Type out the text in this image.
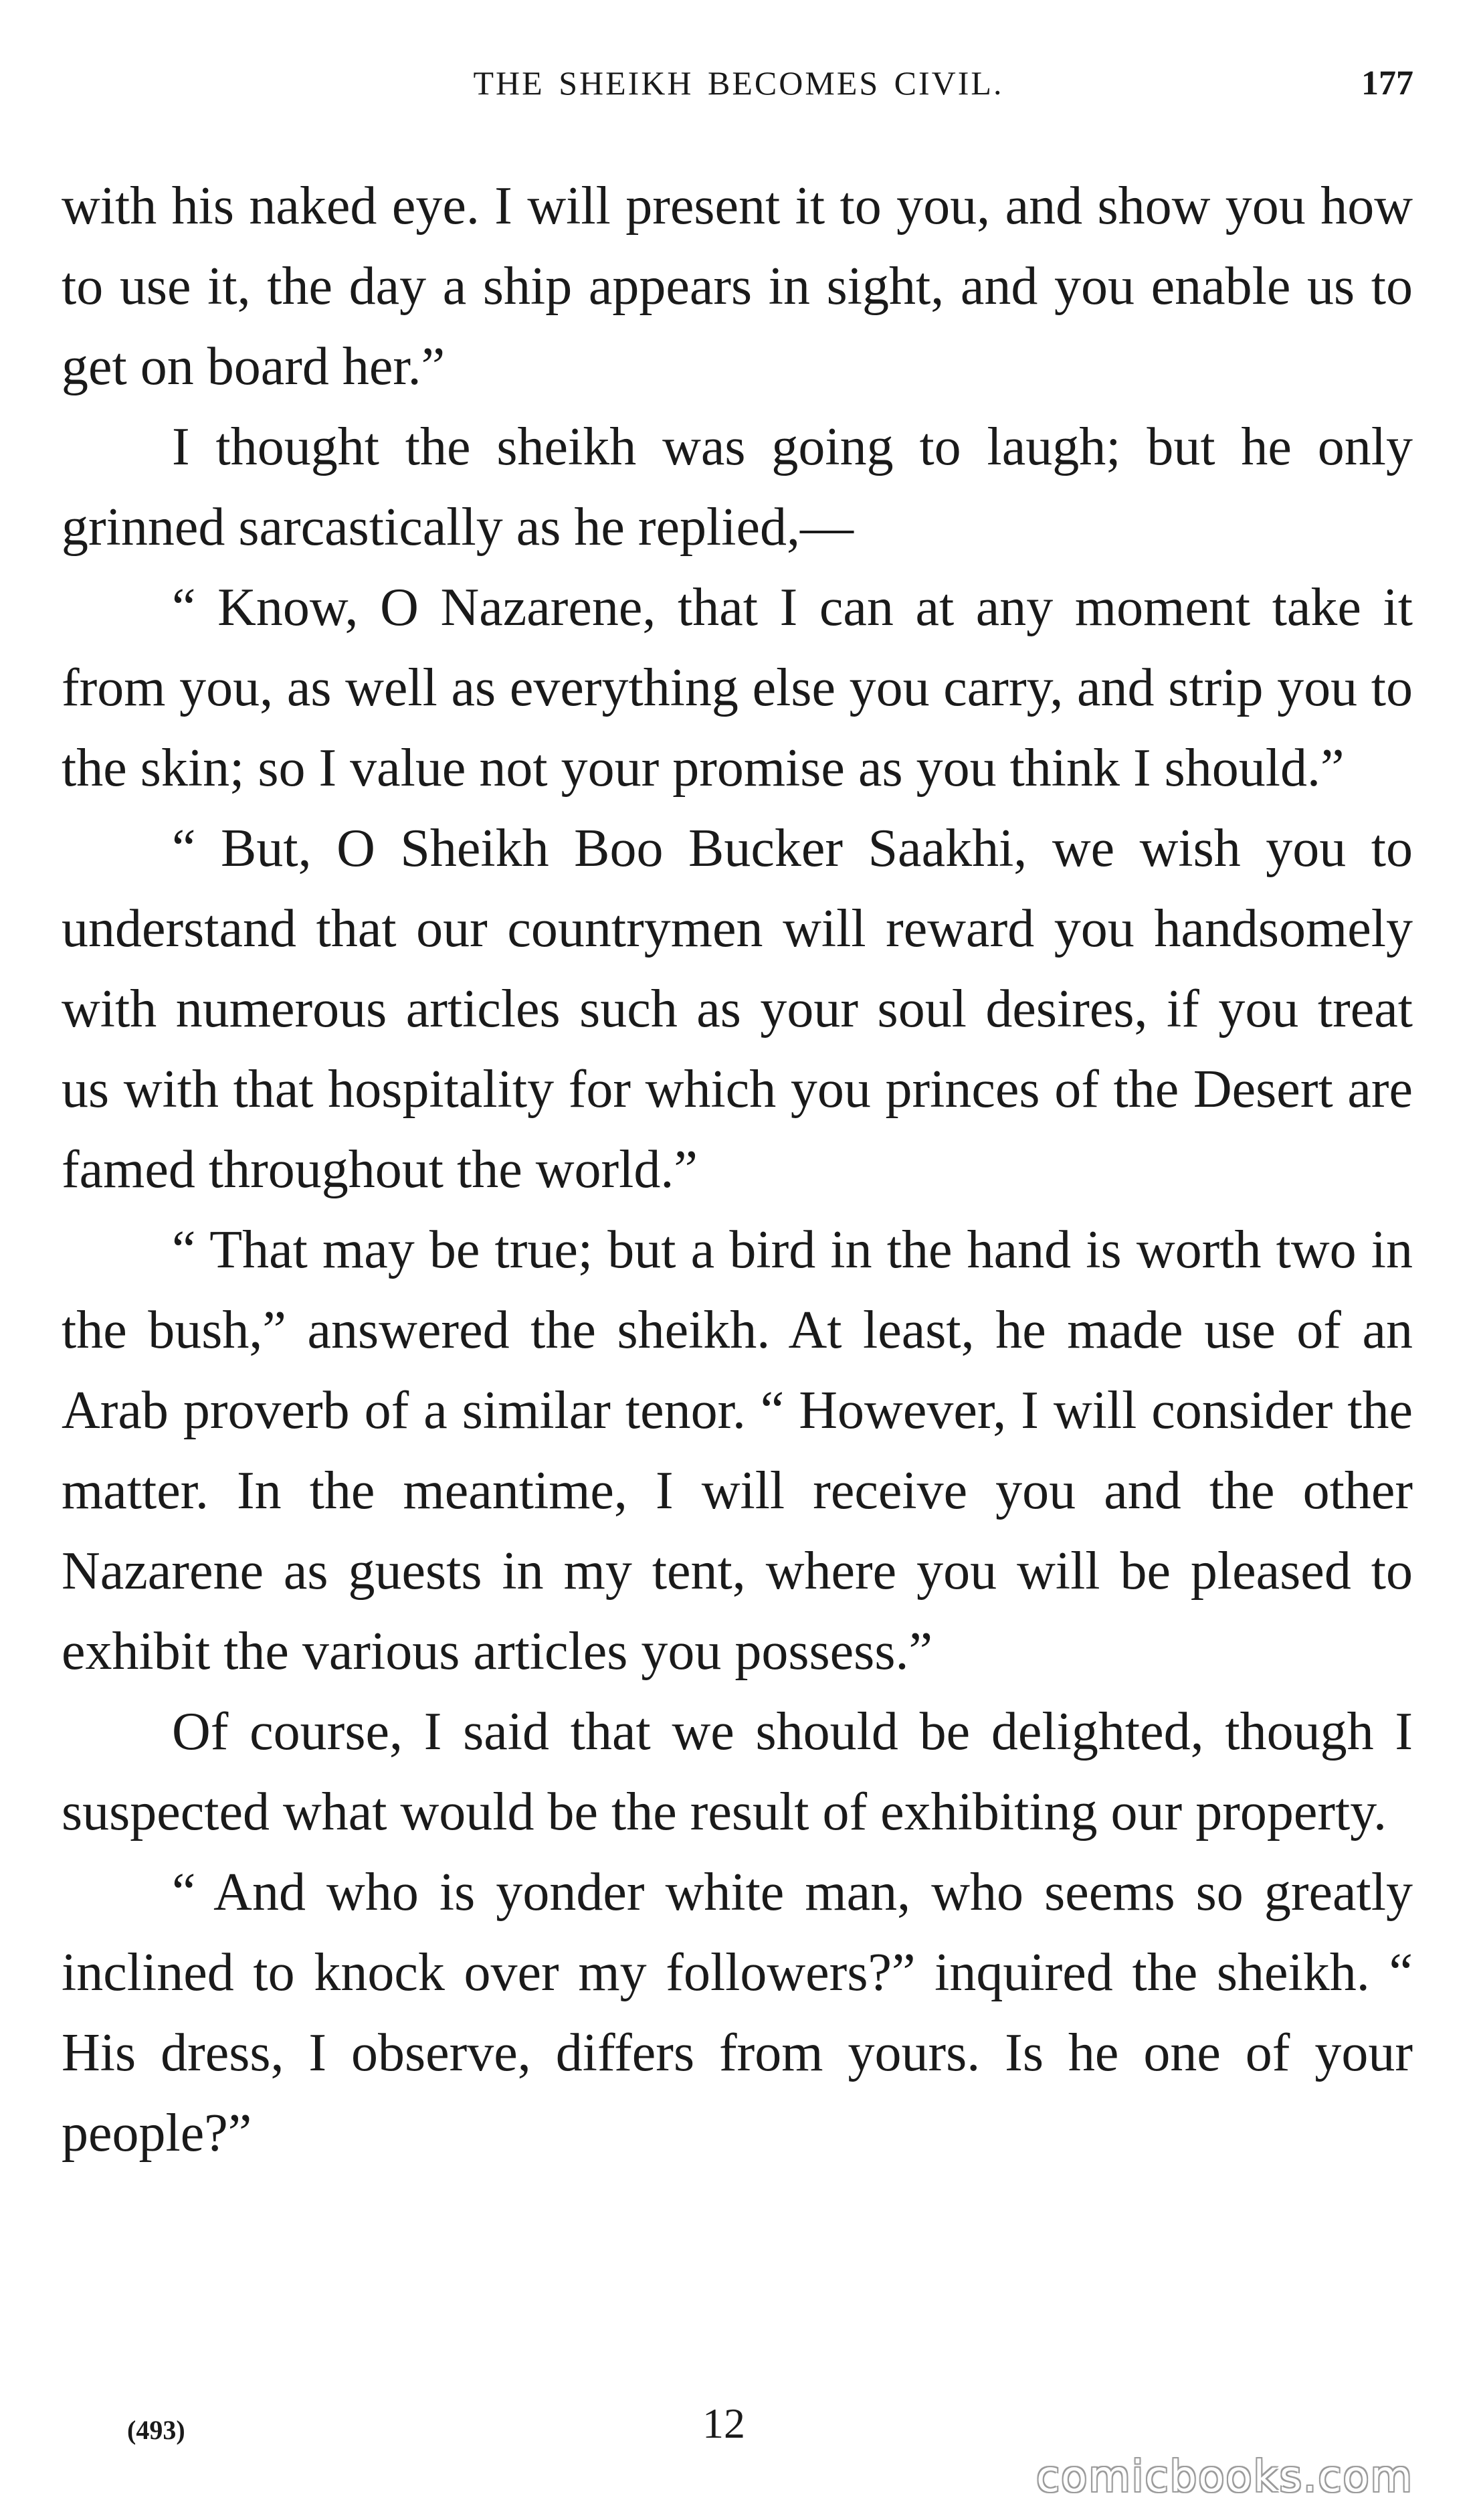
THE SHEIKH BECOMES CIVIL.	177

with his naked eye. I will present it to you, and show you how to use it, the day a ship appears in sight, and you enable us to get on board her.”

I thought the sheikh was going to laugh; but he only grinned sarcastically as he replied,—

“ Know, O Nazarene, that I can at any moment take it from you, as well as everything else you carry, and strip you to the skin; so I value not your promise as you think I should.”

“ But, O Sheikh Boo Bucker Saakhi, we wish you to understand that our countrymen will reward you handsomely with numerous articles such as your soul desires, if you treat us with that hospitality for which you princes of the Desert are famed throughout the world.”

“ That may be true; but a bird in the hand is worth two in the bush,” answered the sheikh. At least, he made use of an Arab proverb of a similar tenor. “ However, I will consider the matter. In the meantime, I will receive you and the other Nazarene as guests in my tent, where you will be pleased to exhibit the various articles you possess.”

Of course, I said that we should be delighted, though I suspected what would be the result of exhibiting our property.

“ And who is yonder white man, who seems so greatly inclined to knock over my followers?” inquired the sheikh. “ His dress, I observe, differs from yours. Is he one of your people?”

(493)	12
comicbooks.com
